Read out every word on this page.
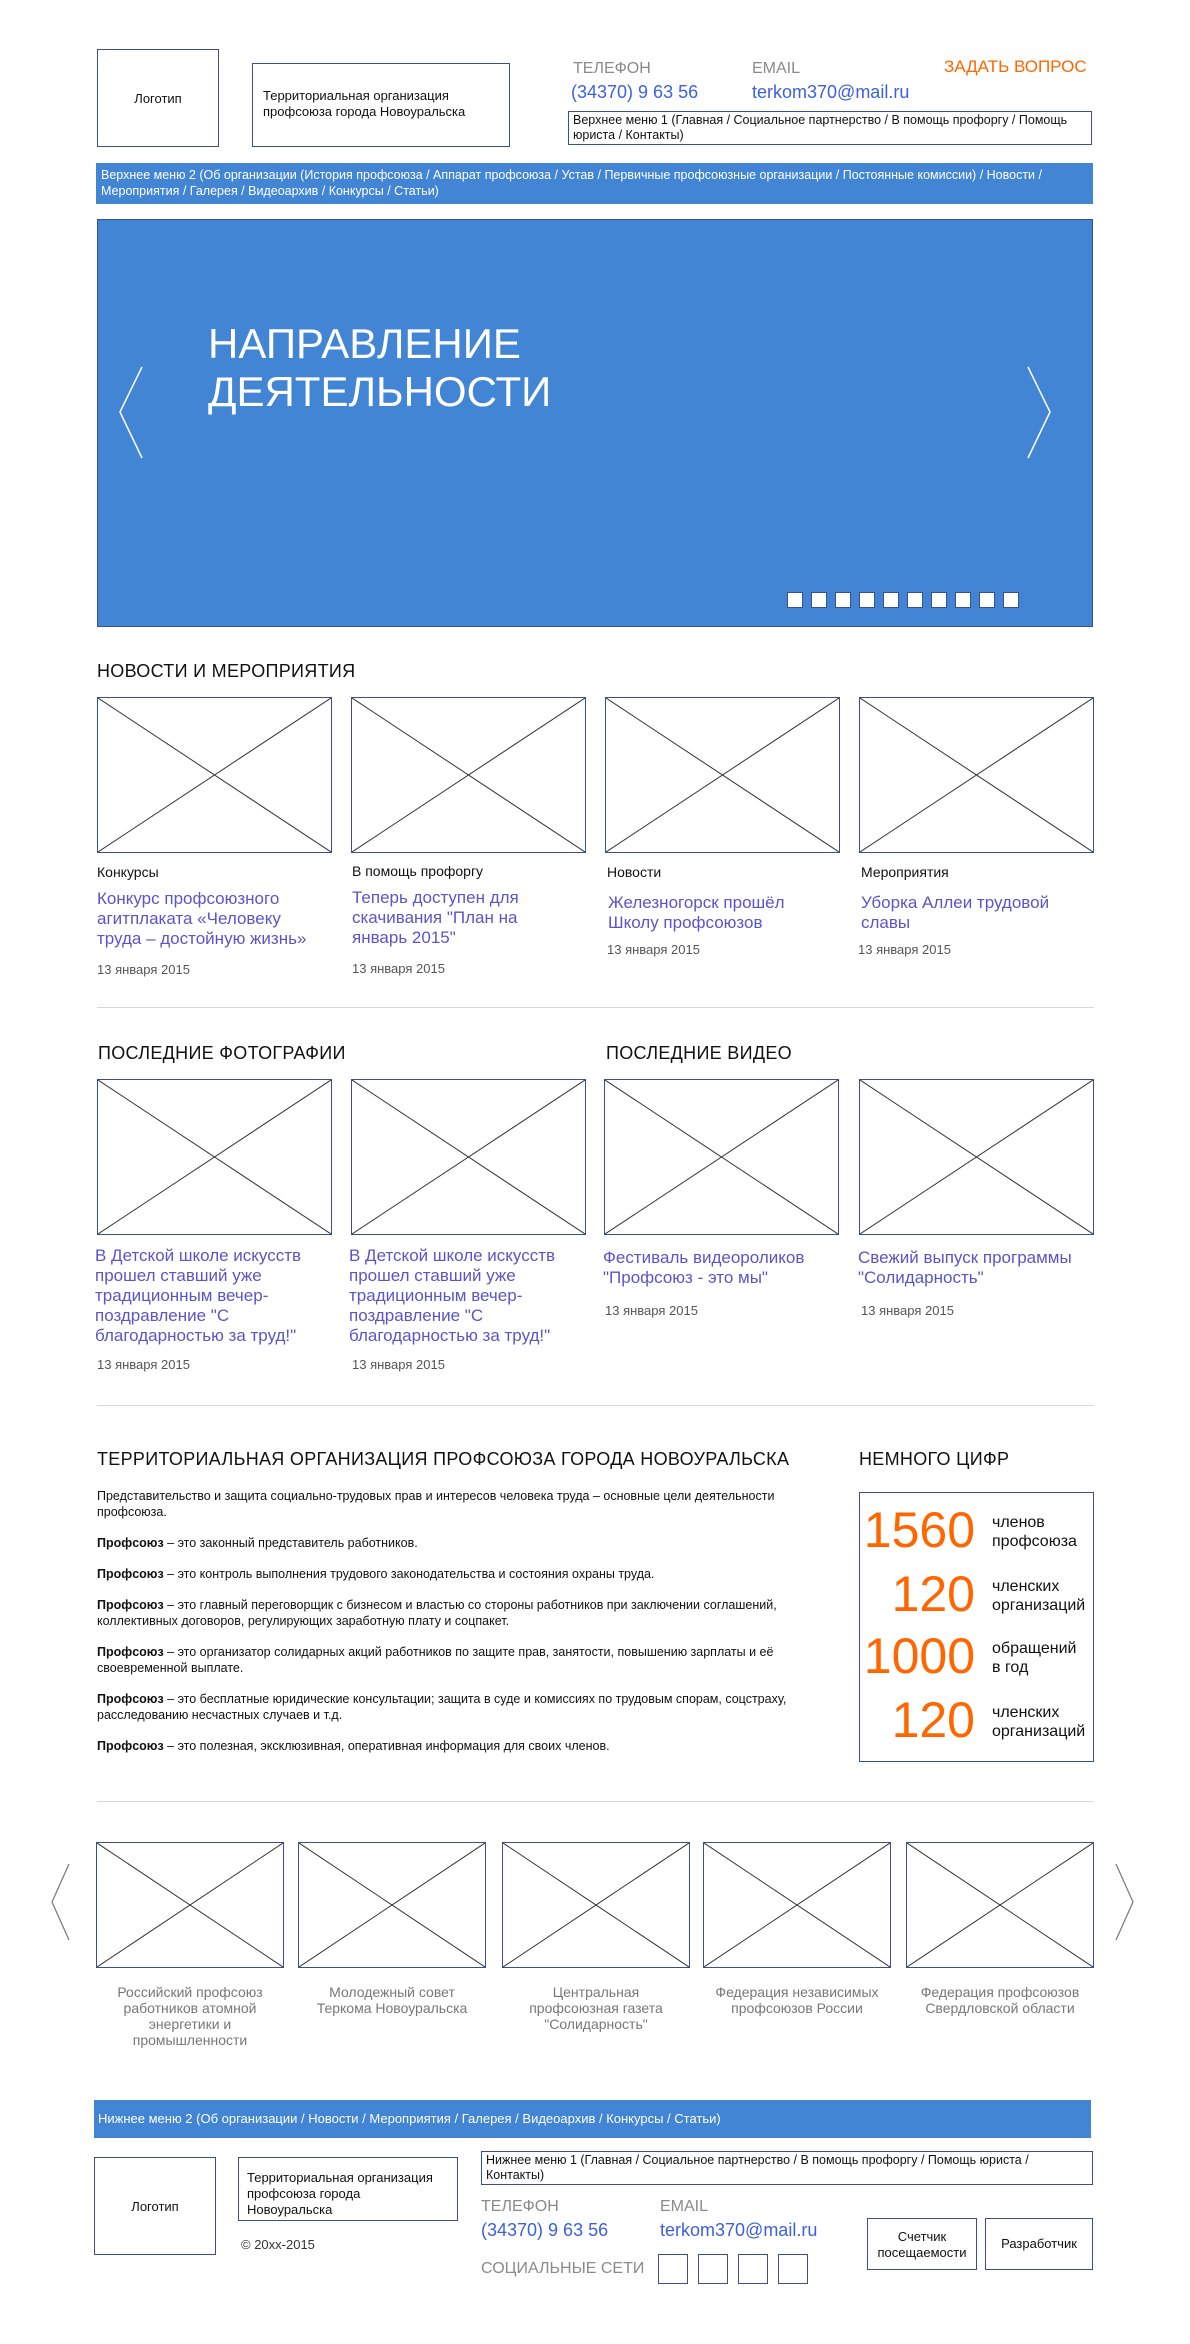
Логотип	Территориальная организация профсоюза города Новоуральска
ТЕЛЕФОН
(34370) 9 63 56
EMAIL
terkom370@mail.ru
ЗАДАТЬ ВОПРОС
Верхнее меню 1 (Главная / Социальное партнерство / В помощь профоргу / Помощь юриста / Контакты)
Верхнее меню 2 (Об организации (История профсоюза / Аппарат профсоюза / Устав / Первичные профсоюзные организации / Постоянные комиссии) / Новости / Мероприятия / Галерея / Видеоархив / Конкурсы / Статьи)
НАПРАВЛЕНИЕ
ДЕЯТЕЛЬНОСТИ
НОВОСТИ И МЕРОПРИЯТИЯ
Конкурсы
Конкурс профсоюзного агитплаката «Человеку труда – достойную жизнь»
13 января 2015
В помощь профоргу
Теперь доступен для скачивания "План на январь 2015"
13 января 2015
Новости
Железногорск прошёл Школу профсоюзов
13 января 2015
Мероприятия
Уборка Аллеи трудовой славы
13 января 2015
ПОСЛЕДНИЕ ФОТОГРАФИИ	ПОСЛЕДНИЕ ВИДЕО
В Детской школе искусств прошел ставший уже традиционным вечер-поздравление "С благодарностью за труд!"
13 января 2015
В Детской школе искусств прошел ставший уже традиционным вечер-поздравление "С благодарностью за труд!"
13 января 2015
Фестиваль видеороликов "Профсоюз - это мы"
13 января 2015
Свежий выпуск программы "Солидарность"
13 января 2015
ТЕРРИТОРИАЛЬНАЯ ОРГАНИЗАЦИЯ ПРОФСОЮЗА ГОРОДА НОВОУРАЛЬСКА

Представительство и защита социально-трудовых прав и интересов человека труда – основные цели деятельности профсоюза.

Профсоюз – это законный представитель работников.

Профсоюз – это контроль выполнения трудового законодательства и состояния охраны труда.

Профсоюз – это главный переговорщик с бизнесом и властью со стороны работников при заключении соглашений, коллективных договоров, регулирующих заработную плату и соцпакет.

Профсоюз – это организатор солидарных акций работников по защите прав, занятости, повышению зарплаты и её своевременной выплате.

Профсоюз – это бесплатные юридические консультации; защита в суде и комиссиях по трудовым спорам, соцстраху, расследованию несчастных случаев и т.д.

Профсоюз – это полезная, эксклюзивная, оперативная информация для своих членов.

НЕМНОГО ЦИФР
1560 членов
профсоюза
120 членских
организаций
1000 обращений
в год
120 членских
организаций
Российский профсоюз
работников атомной
энергетики и
промышленности
Молодежный совет
Теркома Новоуральска
Центральная
профсоюзная газета
"Солидарность"
Федерация независимых
профсоюзов России
Федерация профсоюзов
Свердловской области
Нижнее меню 2 (Об организации / Новости / Мероприятия / Галерея / Видеоархив / Конкурсы / Статьи)
Логотип
Территориальная организация профсоюза города Новоуральска
© 20xx-2015
Нижнее меню 1 (Главная / Социальное партнерство / В помощь профоргу / Помощь юриста / Контакты)
ТЕЛЕФОН
(34370) 9 63 56
EMAIL
terkom370@mail.ru
СОЦИАЛЬНЫЕ СЕТИ
Счетчик посещаемости
Разработчик
